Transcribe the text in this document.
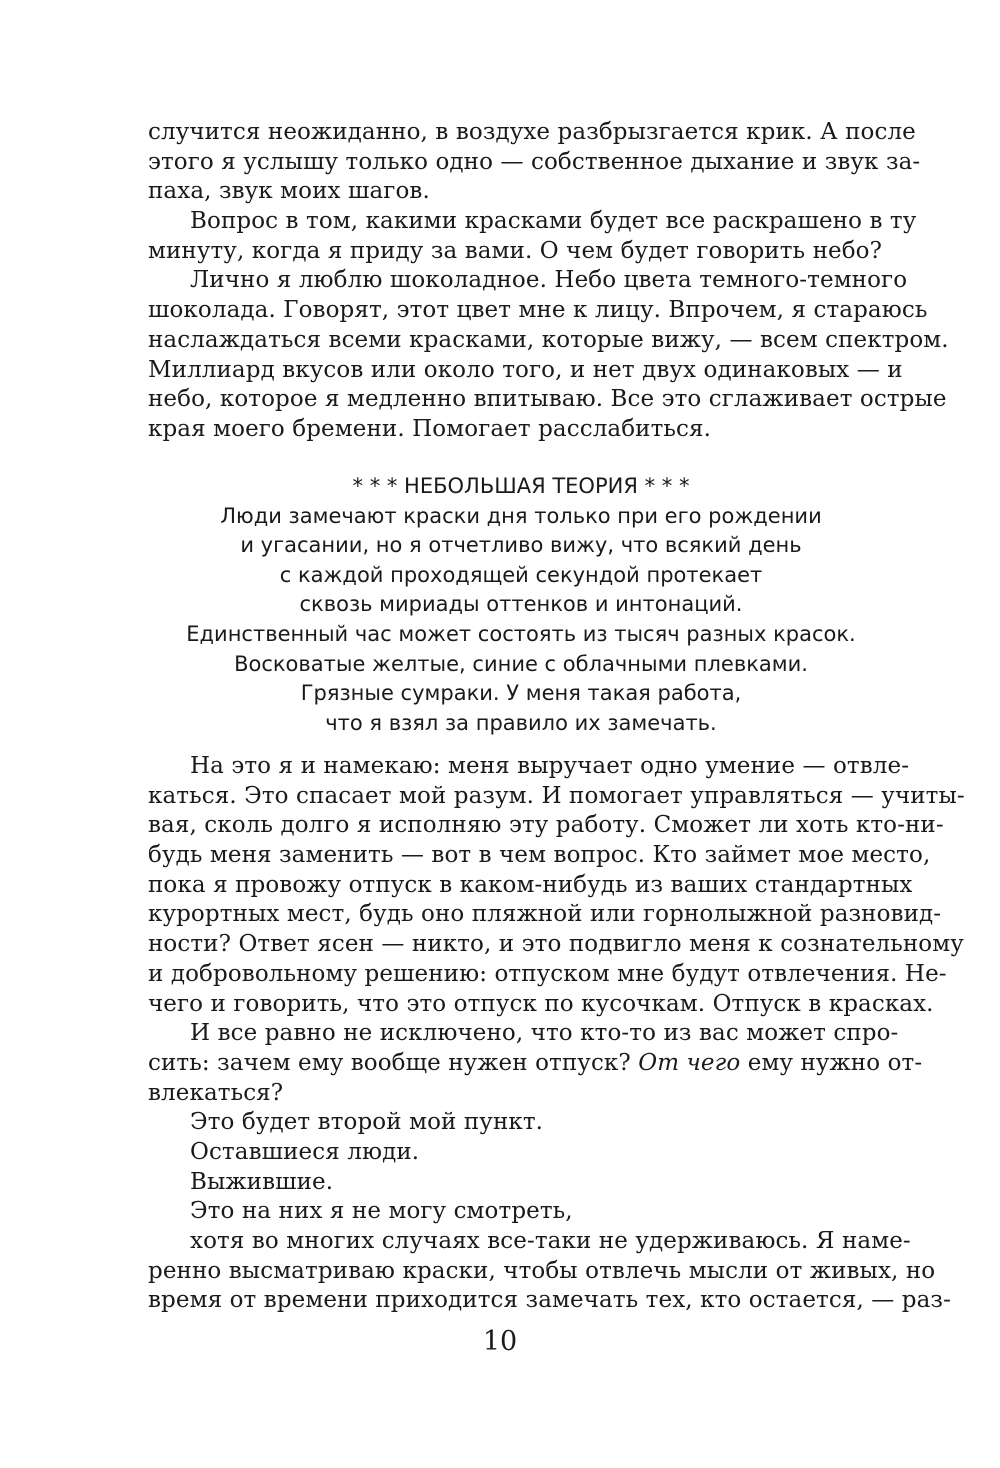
случится неожиданно, в воздухе разбрызгается крик. А после
этого я услышу только одно — собственное дыхание и звук за-
паха, звук моих шагов.
Вопрос в том, какими красками будет все раскрашено в ту
минуту, когда я приду за вами. О чем будет говорить небо?
Лично я люблю шоколадное. Небо цвета темного-темного
шоколада. Говорят, этот цвет мне к лицу. Впрочем, я стараюсь
наслаждаться всеми красками, которые вижу, — всем спектром.
Миллиард вкусов или около того, и нет двух одинаковых — и
небо, которое я медленно впитываю. Все это сглаживает острые
края моего бремени. Помогает расслабиться.
* * * НЕБОЛЬШАЯ ТЕОРИЯ * * *
Люди замечают краски дня только при его рождении
и угасании, но я отчетливо вижу, что всякий день
с каждой проходящей секундой протекает
сквозь мириады оттенков и интонаций.
Единственный час может состоять из тысяч разных красок.
Восковатые желтые, синие с облачными плевками.
Грязные сумраки. У меня такая работа,
что я взял за правило их замечать.
На это я и намекаю: меня выручает одно умение — отвле-
каться. Это спасает мой разум. И помогает управляться — учиты-
вая, сколь долго я исполняю эту работу. Сможет ли хоть кто-ни-
будь меня заменить — вот в чем вопрос. Кто займет мое место,
пока я провожу отпуск в каком-нибудь из ваших стандартных
курортных мест, будь оно пляжной или горнолыжной разновид-
ности? Ответ ясен — никто, и это подвигло меня к сознательному
и добровольному решению: отпуском мне будут отвлечения. Не-
чего и говорить, что это отпуск по кусочкам. Отпуск в красках.
И все равно не исключено, что кто-то из вас может спро-
сить: зачем ему вообще нужен отпуск? От чего ему нужно от-
влекаться?
Это будет второй мой пункт.
Оставшиеся люди.
Выжившие.
Это на них я не могу смотреть,
хотя во многих случаях все-таки не удерживаюсь. Я наме-
ренно высматриваю краски, чтобы отвлечь мысли от живых, но
время от времени приходится замечать тех, кто остается, — раз-
10
